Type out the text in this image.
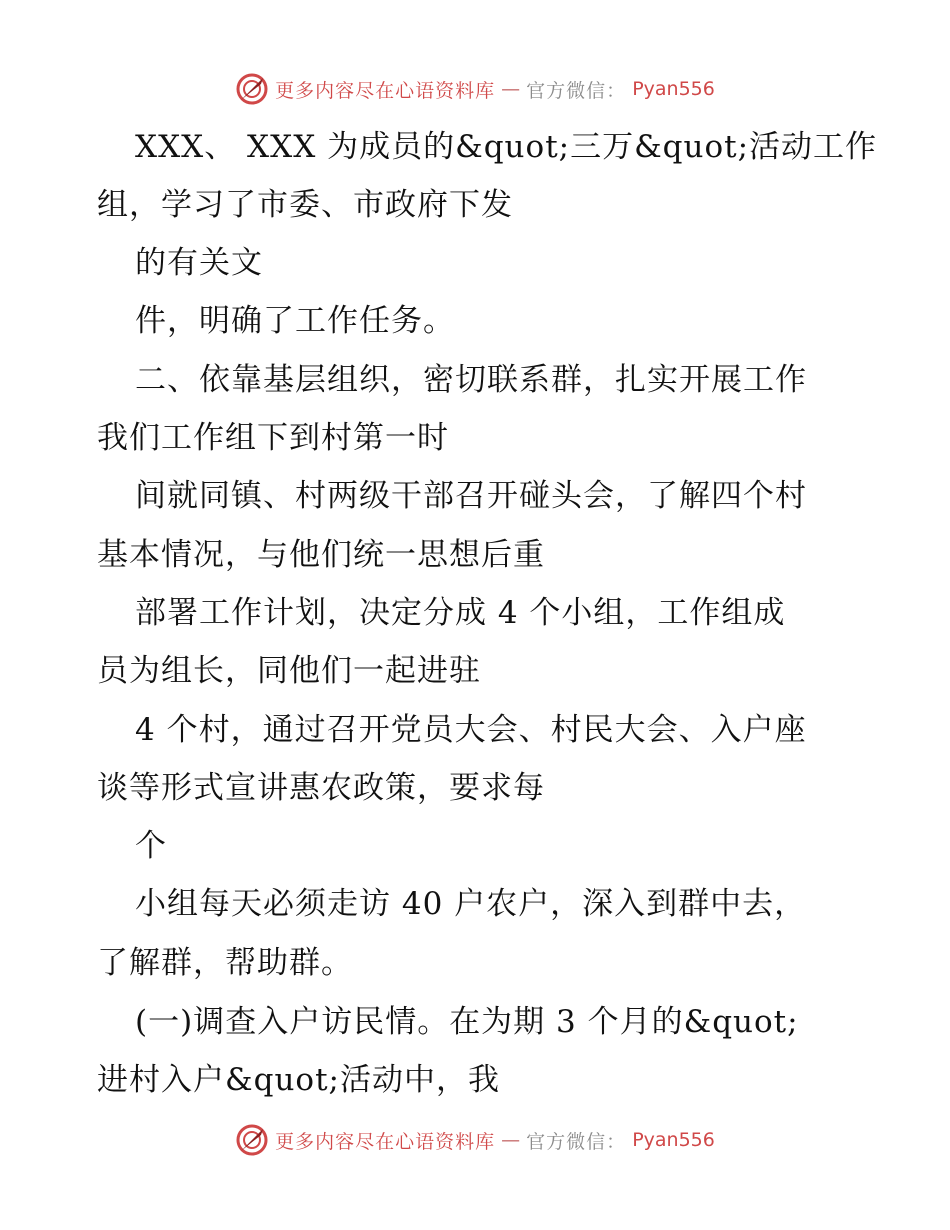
更多内容尽在心语资料库 — 官方微信： Pyan556
XXX、 XXX 为成员的&quot;三万&quot;活动工作
组，学习了市委、市政府下发
的有关文
件，明确了工作任务。
二、依靠基层组织，密切联系群，扎实开展工作
我们工作组下到村第一时
间就同镇、村两级干部召开碰头会，了解四个村
基本情况，与他们统一思想后重
部署工作计划，决定分成 4 个小组，工作组成
员为组长，同他们一起进驻
4 个村，通过召开党员大会、村民大会、入户座
谈等形式宣讲惠农政策，要求每
个
小组每天必须走访 40 户农户，深入到群中去，
了解群，帮助群。
(一)调查入户访民情。在为期 3 个月的&quot;
进村入户&quot;活动中，我
更多内容尽在心语资料库 — 官方微信： Pyan556
